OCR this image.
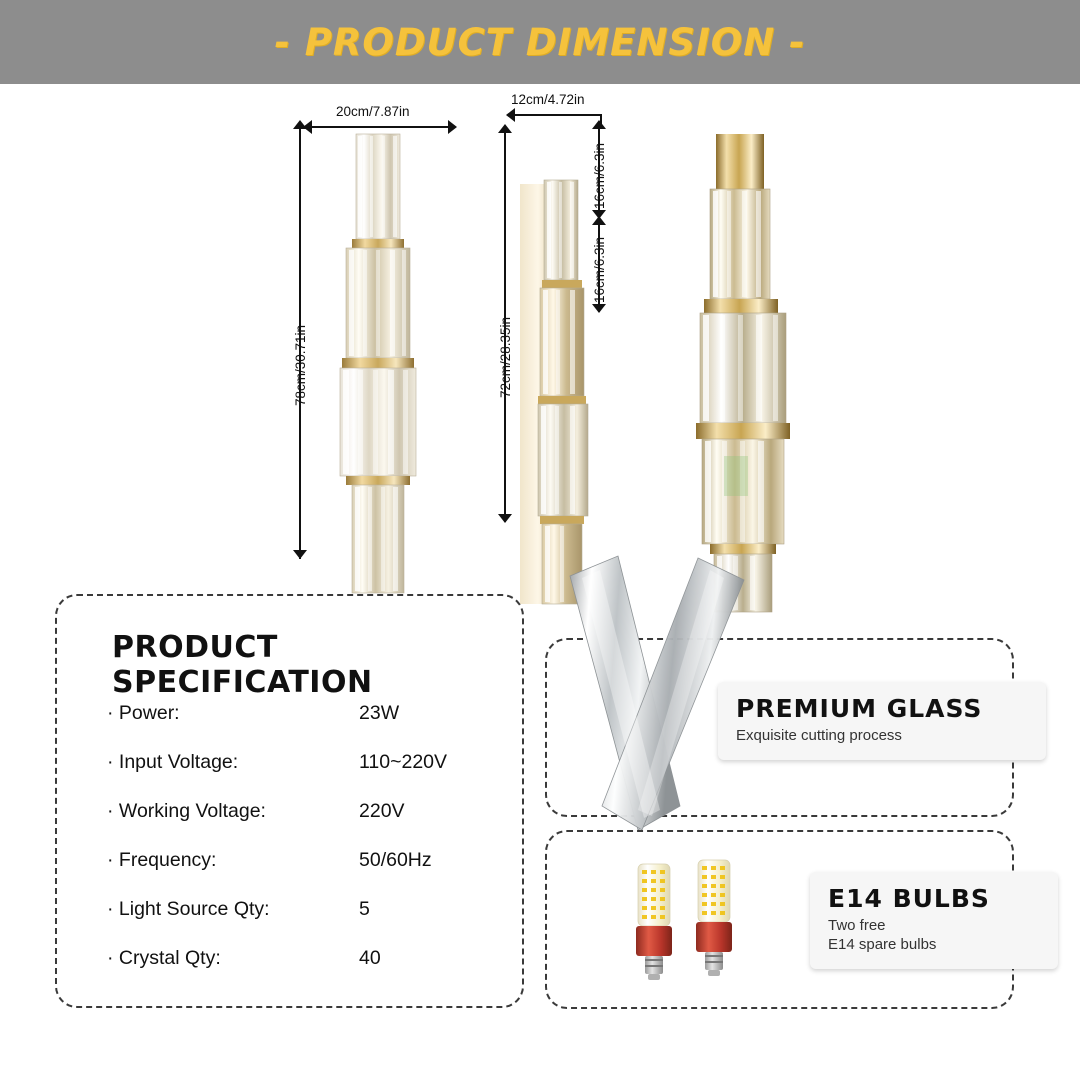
- PRODUCT DIMENSION -
20cm/7.87in
78cm/30.71in
12cm/4.72in
72cm/28.35in
16cm/6.3in
16cm/6.3in
PRODUCT SPECIFICATION
· Power:	23W
· Input Voltage:	110~220V
· Working Voltage:	220V
· Frequency:	50/60Hz
· Light Source Qty:	5
· Crystal Qty:	40
PREMIUM GLASS
Exquisite cutting process
E14 BULBS
Two free
E14 spare bulbs
